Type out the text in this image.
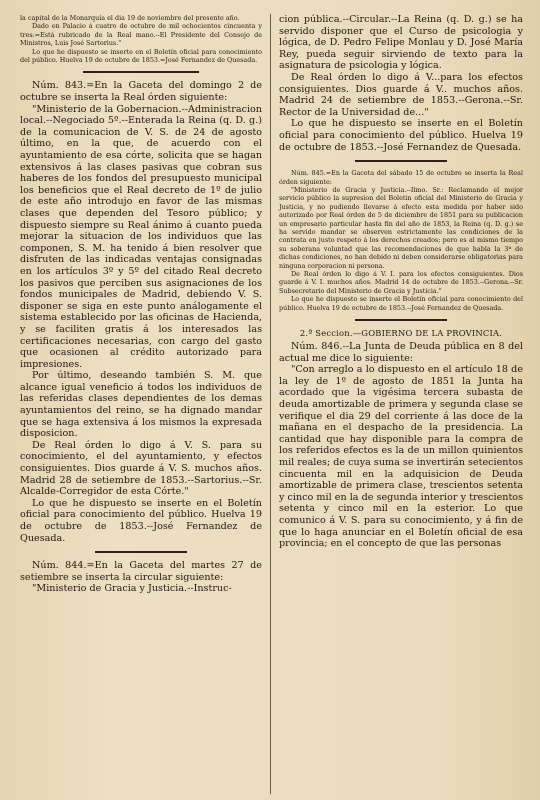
la capital de la Monarquía el dia 19 de noviembre del presente año.

Dado en Palacio á cuatro de octubre de mil ochocientos cincuenta y tres.=Está rubricado de la Real mano.--El Presidente del Consejo de Ministros, Luis José Sartorius."

Lo que he dispuesto se inserte en el Boletín oficial para conocimiento del público. Huelva 19 de octubre de 1853.=José Fernandez de Quesada.

Núm. 843.=En la Gaceta del domingo 2 de octubre se inserta la Real órden siguiente:

"Ministerio de la Gobernacion.--Administracion local.--Negociado 5º.--Enterada la Reina (q. D. g.) de la comunicacion de V. S. de 24 de agosto último, en la que, de acuerdo con el ayuntamiento de esa córte, solicita que se hagan extensivos á las clases pasivas que cobran sus haberes de los fondos del presupuesto municipal los beneficios que el Real decreto de 1º de julio de este año introdujo en favor de las mismas clases que dependen del Tesoro público; y dispuesto siempre su Real ánimo á cuanto pueda mejorar la situacion de los individuos que las componen, S. M. ha tenido á bien resolver que disfruten de las indicadas ventajas consignadas en los artículos 3º y 5º del citado Real decreto los pasivos que perciben sus asignaciones de los fondos municipales de Madrid, debiendo V. S. disponer se siga en este punto análogamente el sistema establecido por las oficinas de Hacienda, y se faciliten gratis á los interesados las certificaciones necesarias, con cargo del gasto que ocasionen al crédito autorizado para impresiones.

Por último, deseando también S. M. que alcance igual veneficio á todos los individuos de las referidas clases dependientes de los demas ayuntamientos del reino, se ha dignado mandar que se haga extensiva á los mismos la expresada disposicion.

De Real órden lo digo á V. S. para su conocimiento, el del ayuntamiento, y efectos consiguientes. Dios guarde á V. S. muchos años. Madrid 28 de setiembre de 1853.--Sartorius.--Sr. Alcalde-Corregidor de esta Córte."

Lo que he dispuesto se inserte en el Boletín oficial para conocimiento del público. Huelva 19 de octubre de 1853.--José Fernandez de Quesada.

Núm. 844.=En la Gaceta del martes 27 de setiembre se inserta la circular siguiente:

"Ministerio de Gracia y Justicia.--Instruc-

cion pública.--Circular.--La Reina (q. D. g.) se ha servido disponer que el Curso de psicologia y lógica, de D. Pedro Felipe Monlau y D. José María Rey, pueda seguir sirviendo de texto para la asignatura de psicologia y lógica.

De Real órden lo digo á V...para los efectos consiguientes. Dios guarde á V.. muchos años. Madrid 24 de setiembre de 1853.--Gerona.--Sr. Rector de la Universidad de..."

Lo que he dispuesto se inserte en el Boletín oficial para conocimiento del público. Huelva 19 de octubre de 1853.--José Fernandez de Quesada.

Núm. 845.=En la Gaceta del sábado 15 de octubre se inserta la Real órden siguiente:

"Ministerio de Gracia y Justicia.--Ilmo. Sr.: Reclamando el mejor servicio público la supresion del Boletin oficial del Ministerio de Gracia y Justicia, y no pudiendo llevarse á efecto esta medida por haber sido autorizado por Real órden de 5 de diciembre de 1851 para su publicacion un empresario particular hasta fin del año de 1853, la Reina (q. D. g.) se ha servido mandar se observen estrictamente las condiciones de la contrata en justo respeto á los derechos creados; pero es al mismo tiempo su soberana voluntad que las recomendaciones de que habla la 3ª de dichas condiciones, no han debido ni deben considerarse obligatorias para ninguna corporacion ni persona.

De Real órden lo digo á V. I. para los efectos consiguientes. Dios guarde á V. I. muchos años. Madrid 14 de octubre de 1853.--Gerona.--Sr. Subsecretario del Ministerio de Gracia y Justicia."

Lo que he dispuesto se inserte el Boletín oficial para conocimiento del público. Huelva 19 de octubre de 1853.--José Fernandez de Quesada.

2.ª Seccion.—GOBIERNO DE LA PROVINCIA.

Núm. 846.--La Junta de Deuda pública en 8 del actual me dice lo siguiente:

"Con arreglo a lo dispuesto en el artículo 18 de la ley de 1º de agosto de 1851 la Junta ha acordado que la vigésima tercera subasta de deuda amortizable de primera y segunda clase se verifique el dia 29 del corriente á las doce de la mañana en el despacho de la presidencia. La cantidad que hay disponible para la compra de los referidos efectos es la de un millon quinientos mil reales; de cuya suma se invertirán setecientos cincuenta mil en la adquisicion de Deuda amortizable de primera clase, trescientos setenta y cinco mil en la de segunda interior y trescientos setenta y cinco mil en la esterior. Lo que comunico á V. S. para su conocimiento, y á fin de que lo haga anunciar en el Boletín oficial de esa provincia; en el concepto de que las personas
